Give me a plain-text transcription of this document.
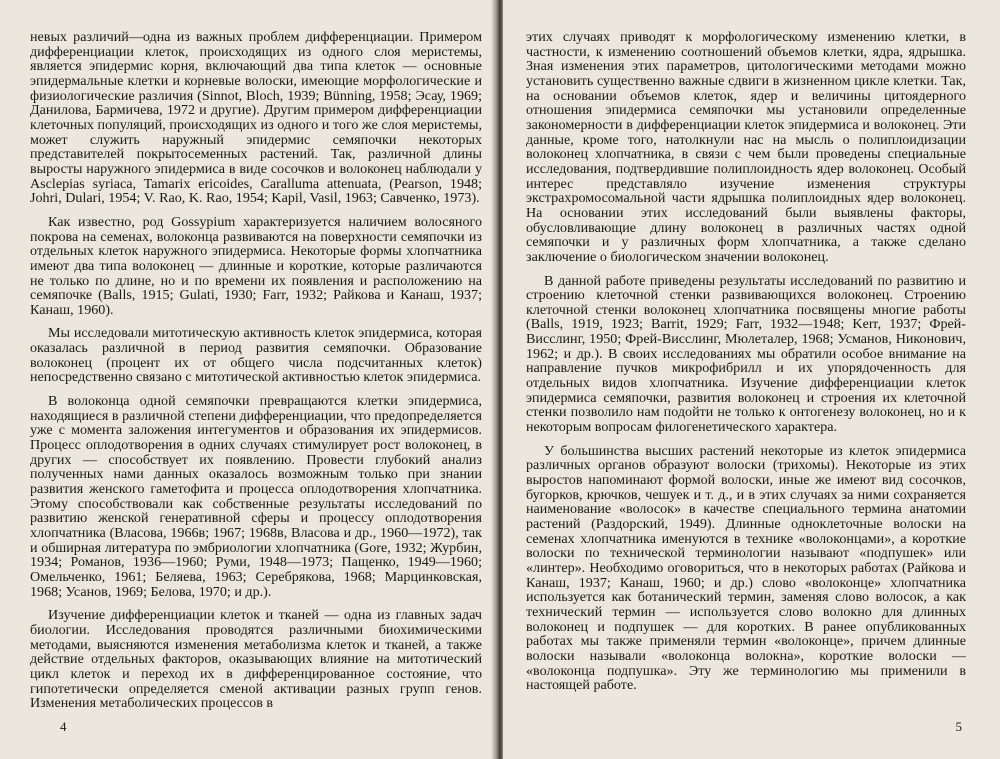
невых различий—одна из важных проблем дифференциации. Примером дифференциации клеток, происходящих из одного слоя меристемы, является эпидермис корня, включающий два типа клеток — основные эпидермальные клетки и корневые волоски, имеющие морфологические и физиологические различия (Sinnot, Bloch, 1939; Bünning, 1958; Эсау, 1969; Данилова, Бармичева, 1972 и другие). Другим примером дифференциации клеточных популяций, происходящих из одного и того же слоя меристемы, может служить наружный эпидермис семяпочки некоторых представителей покрытосеменных растений. Так, различной длины выросты наружного эпидермиса в виде сосочков и волоконец наблюдали у Asclepias syriaca, Tamarix ericoides, Caralluma attenuata, (Pearson, 1948; Johri, Dulari, 1954; V. Rao, K. Rao, 1954; Kapil, Vasil, 1963; Савченко, 1973).

Как известно, род Gossypium характеризуется наличием волосяного покрова на семенах, волоконца развиваются на поверхности семяпочки из отдельных клеток наружного эпидермиса. Некоторые формы хлопчатника имеют два типа волоконец — длинные и короткие, которые различаются не только по длине, но и по времени их появления и расположению на семяпочке (Balls, 1915; Gulati, 1930; Farr, 1932; Райкова и Канаш, 1937; Канаш, 1960).

Мы исследовали митотическую активность клеток эпидермиса, которая оказалась различной в период развития семяпочки. Образование волоконец (процент их от общего числа подсчитанных клеток) непосредственно связано с митотической активностью клеток эпидермиса.

В волоконца одной семяпочки превращаются клетки эпидермиса, находящиеся в различной степени дифференциации, что предопределяется уже с момента заложения интегументов и образования их эпидермисов. Процесс оплодотворения в одних случаях стимулирует рост волоконец, в других — способствует их появлению. Провести глубокий анализ полученных нами данных оказалось возможным только при знании развития женского гаметофита и процесса оплодотворения хлопчатника. Этому способствовали как собственные результаты исследований по развитию женской генеративной сферы и процессу оплодотворения хлопчатника (Власова, 1966в; 1967; 1968в, Власова и др., 1960—1972), так и обширная литература по эмбриологии хлопчатника (Gore, 1932; Журбин, 1934; Романов, 1936—1960; Руми, 1948—1973; Пащенко, 1949—1960; Омельченко, 1961; Беляева, 1963; Серебрякова, 1968; Марцинковская, 1968; Усанов, 1969; Белова, 1970; и др.).

Изучение дифференциации клеток и тканей — одна из главных задач биологии. Исследования проводятся различными биохимическими методами, выясняются изменения метаболизма клеток и тканей, а также действие отдельных факторов, оказывающих влияние на митотический цикл клеток и переход их в дифференцированное состояние, что гипотетически определяется сменой активации разных групп генов. Изменения метаболических процессов в

4

этих случаях приводят к морфологическому изменению клетки, в частности, к изменению соотношений объемов клетки, ядра, ядрышка. Зная изменения этих параметров, цитологическими методами можно установить существенно важные сдвиги в жизненном цикле клетки. Так, на основании объемов клеток, ядер и величины цитоядерного отношения эпидермиса семяпочки мы установили определенные закономерности в дифференциации клеток эпидермиса и волоконец. Эти данные, кроме того, натолкнули нас на мысль о полиплоидизации волоконец хлопчатника, в связи с чем были проведены специальные исследования, подтвердившие полиплоидность ядер волоконец. Особый интерес представляло изучение изменения структуры экстрахромосомальной части ядрышка полиплоидных ядер волоконец. На основании этих исследований были выявлены факторы, обусловливающие длину волоконец в различных частях одной семяпочки и у различных форм хлопчатника, а также сделано заключение о биологическом значении волоконец.

В данной работе приведены результаты исследований по развитию и строению клеточной стенки развивающихся волоконец. Строению клеточной стенки волоконец хлопчатника посвящены многие работы (Balls, 1919, 1923; Barrit, 1929; Farr, 1932—1948; Kerr, 1937; Фрей-Висслинг, 1950; Фрей-Висслинг, Мюлеталер, 1968; Усманов, Никонович, 1962; и др.). В своих исследованиях мы обратили особое внимание на направление пучков микрофибрилл и их упорядоченность для отдельных видов хлопчатника. Изучение дифференциации клеток эпидермиса семяпочки, развития волоконец и строения их клеточной стенки позволило нам подойти не только к онтогенезу волоконец, но и к некоторым вопросам филогенетического характера.

У большинства высших растений некоторые из клеток эпидермиса различных органов образуют волоски (трихомы). Некоторые из этих выростов напоминают формой волоски, иные же имеют вид сосочков, бугорков, крючков, чешуек и т. д., и в этих случаях за ними сохраняется наименование «волосок» в качестве специального термина анатомии растений (Раздорский, 1949). Длинные одноклеточные волоски на семенах хлопчатника именуются в технике «волоконцами», а короткие волоски по технической терминологии называют «подпушек» или «линтер». Необходимо оговориться, что в некоторых работах (Райкова и Канаш, 1937; Канаш, 1960; и др.) слово «волоконце» хлопчатника используется как ботанический термин, заменяя слово волосок, а как технический термин — используется слово волокно для длинных волоконец и подпушек — для коротких. В ранее опубликованных работах мы также применяли термин «волоконце», причем длинные волоски называли «волоконца волокна», короткие волоски — «волоконца подпушка». Эту же терминологию мы применили в настоящей работе.

5
